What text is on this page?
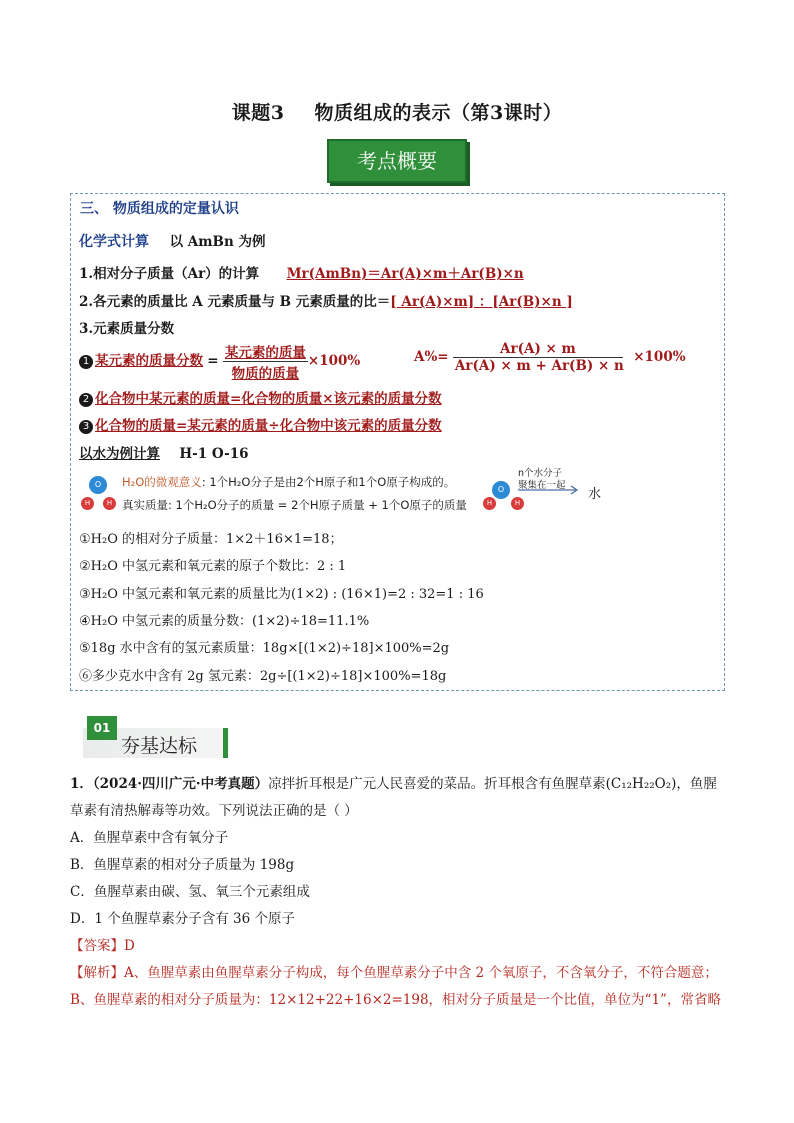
课题3 物质组成的表示（第3课时）
考点概要
三、 物质组成的定量认识
化学式计算 以 AmBn 为例
1.相对分子质量（Ar）的计算 Mr(AmBn)＝Ar(A)×m＋Ar(B)×n
2.各元素的质量比 A 元素质量与 B 元素质量的比＝[ Ar(A)×m] ：[Ar(B)×n ]
3.元素质量分数
1 某元素的质量分数 = $\frac{\text{某元素的质量}}{\text{物质的质量}} \times 100\%$	$A\%= \frac{Ar(A) \times m}{Ar(A) \times m + Ar(B) \times n} \times 100\%$
2 化合物中某元素的质量=化合物的质量×该元素的质量分数
3 化合物的质量=某元素的质量÷化合物中该元素的质量分数
以水为例计算 H-1 O-16
O
H	H
H₂O的微观意义: 1个H₂O分子是由2个H原子和1个O原子构成的。
真实质量: 1个H₂O分子的质量 = 2个H原子质量 + 1个O原子的质量
O
H	H
n个水分子
聚集在一起
水
①H₂O 的相对分子质量：1×2＋16×1=18；
②H₂O 中氢元素和氧元素的原子个数比：2 : 1
③H₂O 中氢元素和氧元素的质量比为(1×2) : (16×1)=2 : 32=1 : 16
④H₂O 中氢元素的质量分数：(1×2)÷18=11.1%
⑤18g 水中含有的氢元素质量：18g×[(1×2)÷18]×100%=2g
⑥多少克水中含有 2g 氢元素：2g÷[(1×2)÷18]×100%=18g
01
夯基达标
1．（2024·四川广元·中考真题）凉拌折耳根是广元人民喜爱的菜品。折耳根含有鱼腥草素(C₁₂H₂₂O₂)，鱼腥
草素有清热解毒等功效。下列说法正确的是（ ）
A．鱼腥草素中含有氧分子
B．鱼腥草素的相对分子质量为 198g
C．鱼腥草素由碳、氢、氧三个元素组成
D．1 个鱼腥草素分子含有 36 个原子
【答案】D
【解析】A、鱼腥草素由鱼腥草素分子构成，每个鱼腥草素分子中含 2 个氧原子，不含氧分子，不符合题意；
B、鱼腥草素的相对分子质量为：12×12+22+16×2=198，相对分子质量是一个比值，单位为“1”，常省略
